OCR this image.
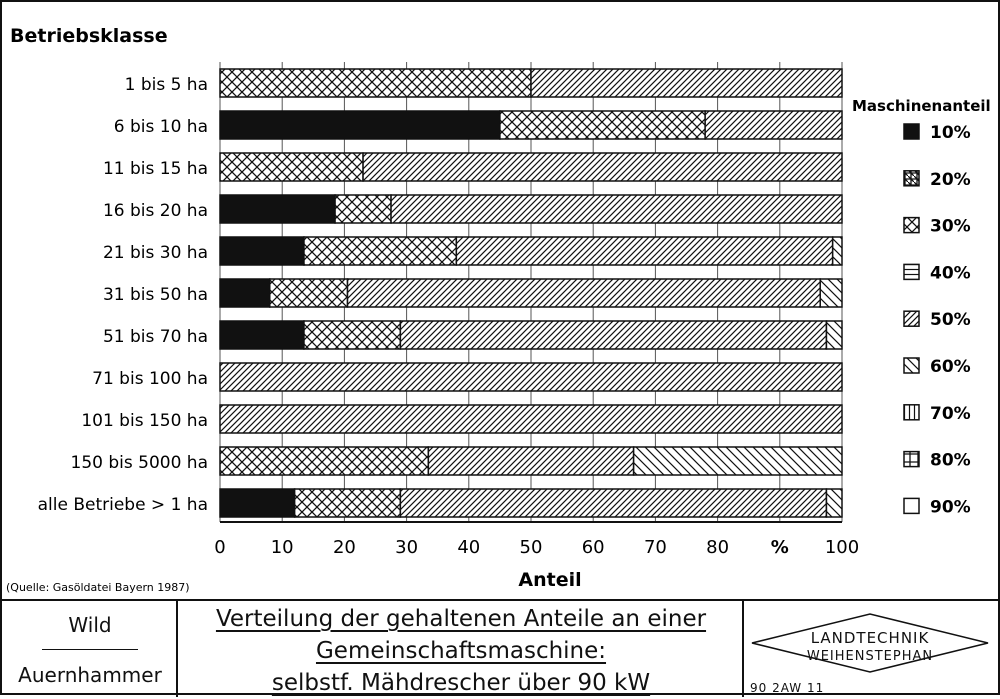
Betriebsklasse
Maschinenanteil
Anteil
(Quelle: Gasöldatei Bayern 1987)
1 bis 5 ha
6 bis 10 ha
11 bis 15 ha
16 bis 20 ha
21 bis 30 ha
31 bis 50 ha
51 bis 70 ha
71 bis 100 ha
101 bis 150 ha
150 bis 5000 ha
alle Betriebe > 1 ha
0	10 20 30 40 50 60 70 80	100
%
10%
20%
30%
40%
50%
60%
70%
80%
90%
Wild
Auernhammer
Verteilung der gehaltenen Anteile an einer
Gemeinschaftsmaschine:
selbstf. Mähdrescher über 90 kW
LANDTECHNIK
WEIHENSTEPHAN
90 2AW 11
